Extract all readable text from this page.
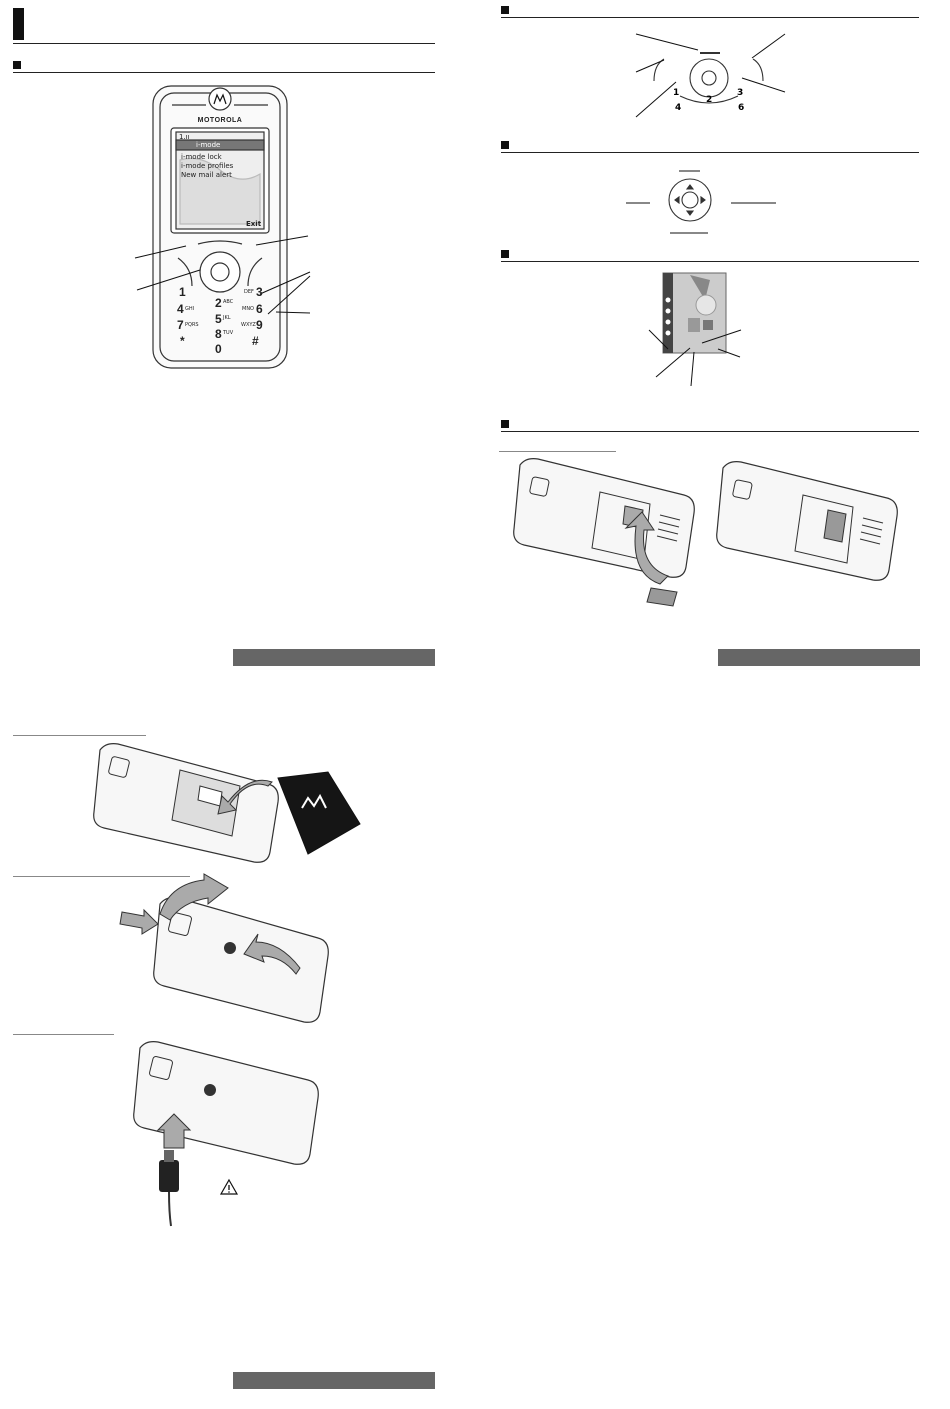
MOTOROLA
1.ıı
i-mode
i-mode lock
i-mode profiles
New mail alert
Exit
1
2
3
4
5
6
7
8
9
*
0
#
ABC
DEF
GHI
JKL
MNO
PQRS
TUV
WXYZ
1
2
3
4	6
